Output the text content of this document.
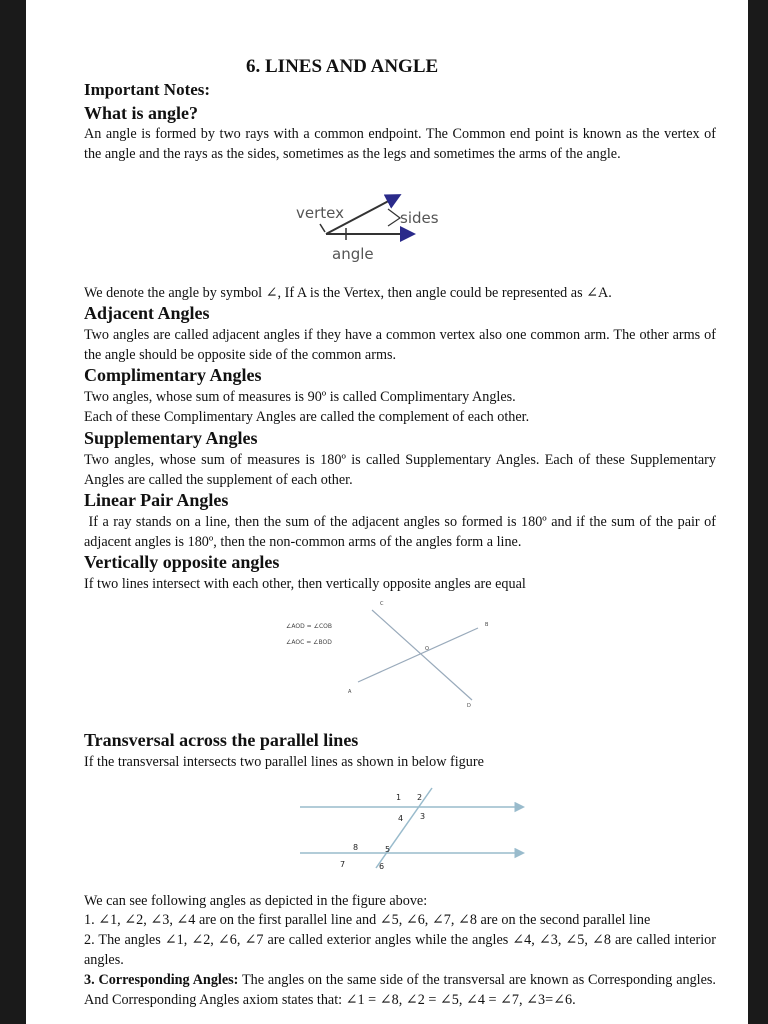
6. LINES AND ANGLE
Important Notes:
What is angle?

An angle is formed by two rays with a common endpoint. The Common end point is known as the vertex of the angle and the rays as the sides, sometimes as the legs and sometimes the arms of the angle.

vertex	sides
angle

We denote the angle by symbol ∠, If A is the Vertex, then angle could be represented as ∠A.

Adjacent Angles

Two angles are called adjacent angles if they have a common vertex also one common arm. The other arms of the angle should be opposite side of the common arms.

Complimentary Angles

Two angles, whose sum of measures is 90º is called Complimentary Angles.

Each of these Complimentary Angles are called the complement of each other.

Supplementary Angles

Two angles, whose sum of measures is 180º is called Supplementary Angles. Each of these Supplementary Angles are called the supplement of each other.

Linear Pair Angles

If a ray stands on a line, then the sum of the adjacent angles so formed is 180º and if the sum of the pair of adjacent angles is 180º, then the non-common arms of the angles form a line.

Vertically opposite angles

If two lines intersect with each other, then vertically opposite angles are equal

∠AOD = ∠COB
∠AOC = ∠BOD
C
B
O
A
D
Transversal across the parallel lines

If the transversal intersects two parallel lines as shown in below figure

1 2
3
4
5
6
7
8

We can see following angles as depicted in the figure above:

1. ∠1, ∠2, ∠3, ∠4 are on the first parallel line and ∠5, ∠6, ∠7, ∠8 are on the second parallel line

2. The angles ∠1, ∠2, ∠6, ∠7 are called exterior angles while the angles ∠4, ∠3, ∠5, ∠8 are called interior angles.

3. Corresponding Angles: The angles on the same side of the transversal are known as Corresponding angles. And Corresponding Angles axiom states that: ∠1 = ∠8, ∠2 = ∠5, ∠4 = ∠7, ∠3=∠6.
